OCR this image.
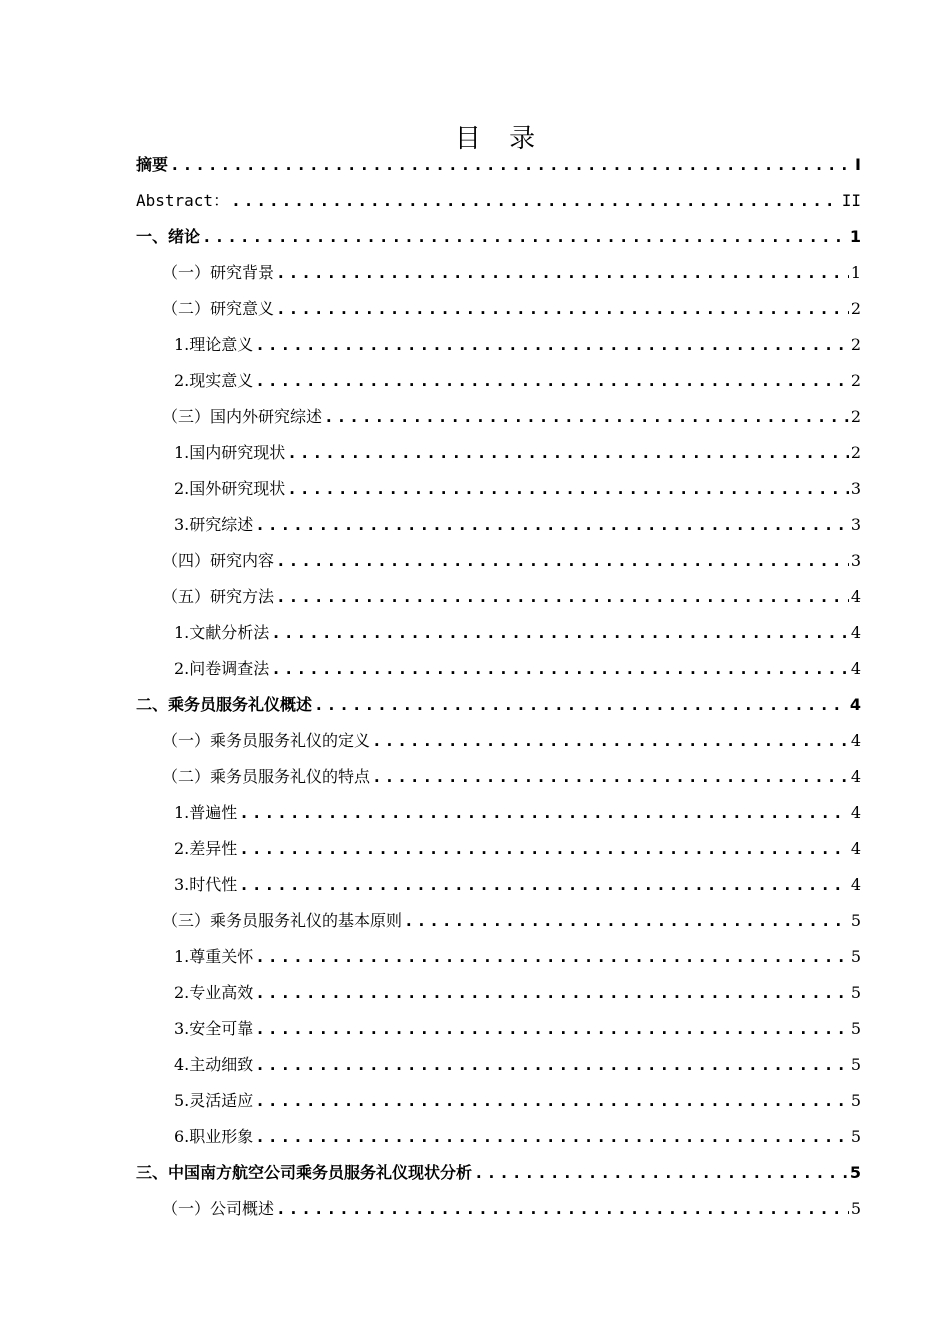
目 录
摘要 .....	I
Abstract： .....	II
一、绪论 .....	1
（一）研究背景 .....	1
（二）研究意义 .....	2
1.理论意义 .....	2
2.现实意义 .....	2
（三）国内外研究综述 .....	2
1.国内研究现状 .....	2
2.国外研究现状 .....	3
3.研究综述 .....	3
（四）研究内容 .....	3
（五）研究方法 .....	4
1.文献分析法 .....	4
2.问卷调查法 .....	4
二、乘务员服务礼仪概述 .....	4
（一）乘务员服务礼仪的定义 .....	4
（二）乘务员服务礼仪的特点 .....	4
1.普遍性 .....	4
2.差异性 .....	4
3.时代性 .....	4
（三）乘务员服务礼仪的基本原则 .....	5
1.尊重关怀 .....	5
2.专业高效 .....	5
3.安全可靠 .....	5
4.主动细致 .....	5
5.灵活适应 .....	5
6.职业形象 .....	5
三、中国南方航空公司乘务员服务礼仪现状分析 .....	5
（一）公司概述 .....	5
